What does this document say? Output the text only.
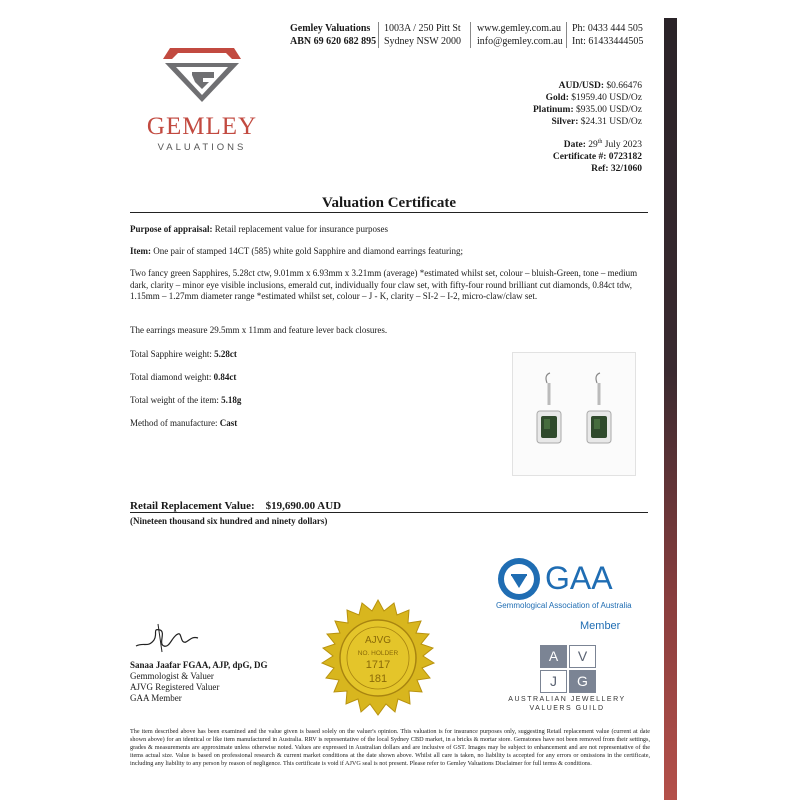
GEMLEY
VALUATIONS
Gemley Valuations
ABN 69 620 682 895
1003A / 250 Pitt St
Sydney NSW 2000
www.gemley.com.au
info@gemley.com.au
Ph: 0433 444 505
Int: 61433444505
AUD/USD: $0.66476
Gold: $1959.40 USD/Oz
Platinum: $935.00 USD/Oz
Silver: $24.31 USD/Oz
Date: 29th July 2023
Certificate #: 0723182
Ref: 32/1060
Valuation Certificate
Purpose of appraisal: Retail replacement value for insurance purposes
Item: One pair of stamped 14CT (585) white gold Sapphire and diamond earrings featuring;
Two fancy green Sapphires, 5.28ct ctw, 9.01mm x 6.93mm x 3.21mm (average) *estimated whilst set, colour – bluish-Green, tone – medium dark, clarity – minor eye visible inclusions, emerald cut, individually four claw set, with fifty-four round brilliant cut diamonds, 0.84ct tdw, 1.15mm – 1.27mm diameter range *estimated whilst set, colour – J - K, clarity – SI-2 – I-2, micro-claw/claw set.
The earrings measure 29.5mm x 11mm and feature lever back closures.
Total Sapphire weight: 5.28ct
Total diamond weight: 0.84ct
Total weight of the item: 5.18g
Method of manufacture: Cast
Retail Replacement Value: $19,690.00 AUD
(Nineteen thousand six hundred and ninety dollars)
GAA
Gemmological Association of Australia
Member
A	V
J	G
AUSTRALIAN JEWELLERY
VALUERS GUILD
AJVG
NO. HOLDER
1717
181
Sanaa Jaafar FGAA, AJP, dpG, DG
Gemmologist & Valuer
AJVG Registered Valuer
GAA Member
The item described above has been examined and the value given is based solely on the valuer's opinion. This valuation is for insurance purposes only, suggesting Retail replacement value (current at date shown above) for an identical or like item manufactured in Australia. RRV is representative of the local Sydney CBD market, in a bricks & mortar store. Gemstones have not been removed from their settings, grades & measurements are approximate unless otherwise noted. Values are expressed in Australian dollars and are inclusive of GST. Images may be subject to enhancement and are not representative of the items actual size. Value is based on professional research & current market conditions at the date shown above. Whilst all care is taken, no liability is accepted for any errors or omissions in the certificate, including any liability to any person by reason of negligence. This certificate is void if AJVG seal is not present. Please refer to Gemley Valuations Disclaimer for full terms & conditions.
